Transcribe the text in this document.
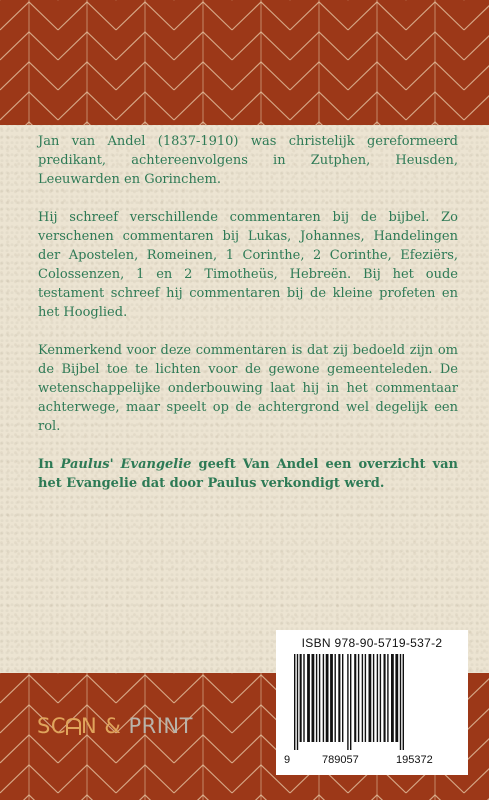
Jan van Andel (1837-1910) was christelijk gereformeerd predikant, achtereenvolgens in Zutphen, Heusden, Leeuwarden en Gorinchem.

Hij schreef verschillende commentaren bij de bijbel. Zo verschenen commentaren bij Lukas, Johannes, Handelingen der Apostelen, Romeinen, 1 Corinthe, 2 Corinthe, Efeziërs, Colossenzen, 1 en 2 Timotheüs, Hebreën. Bij het oude testament schreef hij commentaren bij de kleine profeten en het Hooglied.

Kenmerkend voor deze commentaren is dat zij bedoeld zijn om de Bijbel toe te lichten voor de gewone gemeenteleden. De wetenschappelijke onderbouwing laat hij in het commentaar achterwege, maar speelt op de achtergrond wel degelijk een rol.

In Paulus' Evangelie geeft Van Andel een overzicht van het Evangelie dat door Paulus verkondigt werd.

SC N & PRINT
ISBN 978-90-5719-537-2
9	789057	195372
